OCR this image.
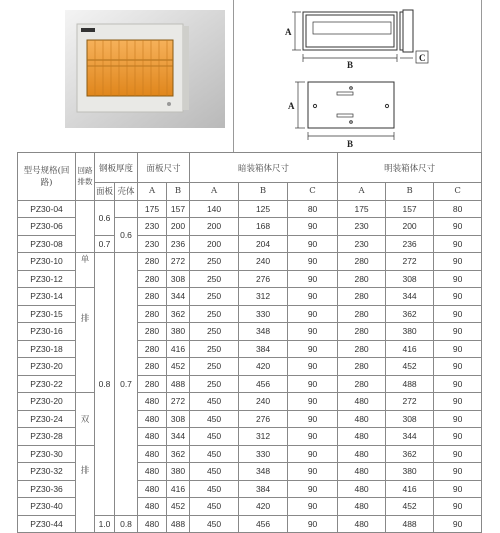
A
B
C
A
B
型号规格(回路)	回路排数	钢板厚度		面板尺寸		暗装箱体尺寸			明装箱体尺寸		
		面板	壳体	A	B	A	B	C	A	B	C
PZ30-04		0.6		175	157	140	125	80	175	157	80
PZ30-06			0.6	230	200	200	168	90	230	200	90
PZ30-08		0.7		230	236	200	204	90	230	236	90
PZ30-10	单	0.8	0.7	280	272	250	240	90	280	272	90
PZ30-12				280	308	250	276	90	280	308	90
PZ30-14	排			280	344	250	312	90	280	344	90
PZ30-15				280	362	250	330	90	280	362	90
PZ30-16				280	380	250	348	90	280	380	90
PZ30-18				280	416	250	384	90	280	416	90
PZ30-20				280	452	250	420	90	280	452	90
PZ30-22				280	488	250	456	90	280	488	90
PZ30-20	双			480	272	450	240	90	480	272	90
PZ30-24				480	308	450	276	90	480	308	90
PZ30-28				480	344	450	312	90	480	344	90
PZ30-30	排			480	362	450	330	90	480	362	90
PZ30-32				480	380	450	348	90	480	380	90
PZ30-36				480	416	450	384	90	480	416	90
PZ30-40				480	452	450	420	90	480	452	90
PZ30-44		1.0	0.8	480	488	450	456	90	480	488	90
